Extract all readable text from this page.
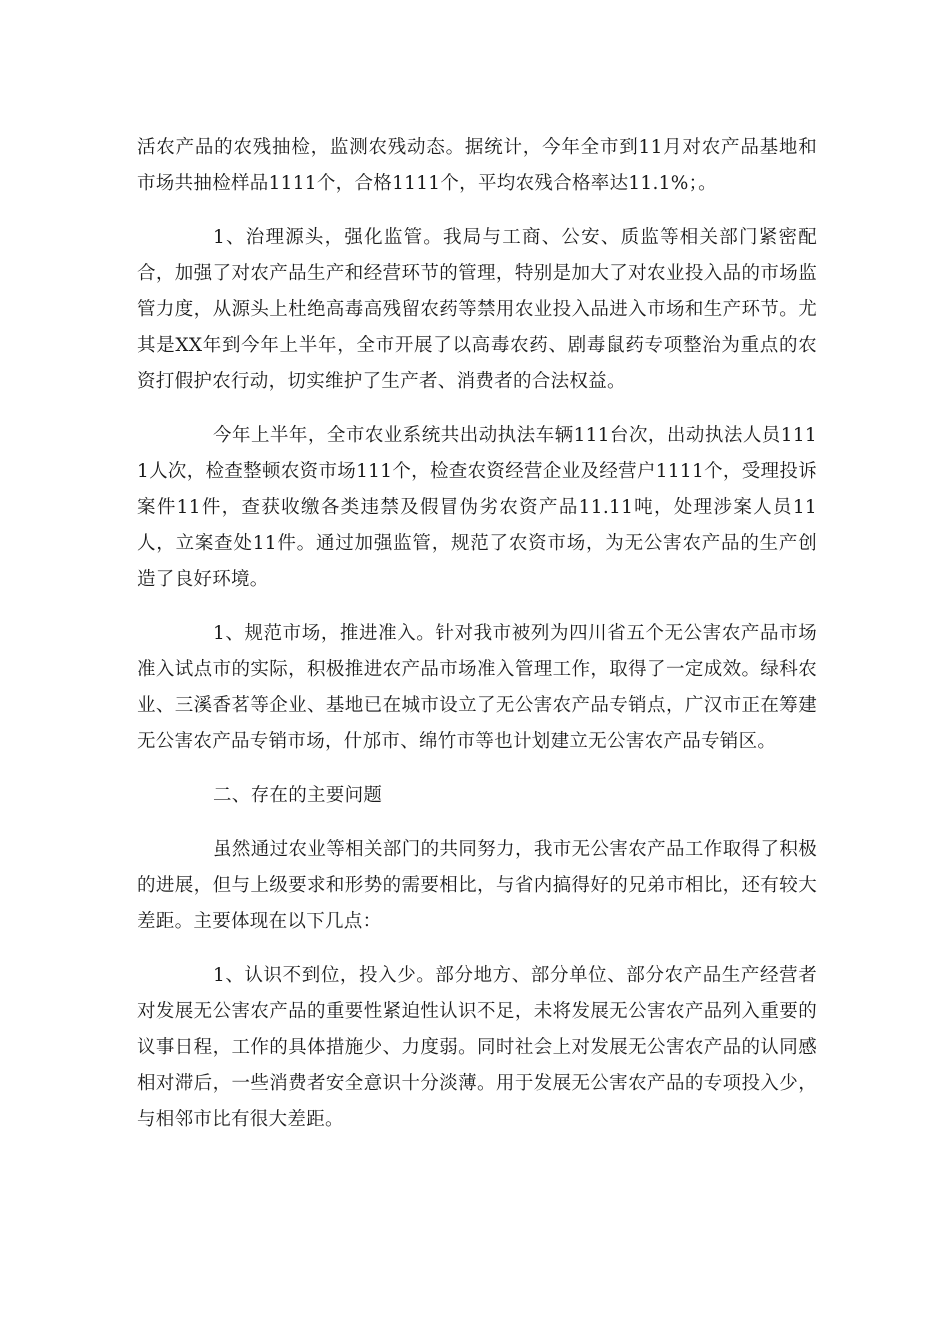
活农产品的农残抽检，监测农残动态。据统计，今年全市到11月对农产品基地和市场共抽检样品1111个，合格1111个，平均农残合格率达11.1%；。

1、治理源头，强化监管。我局与工商、公安、质监等相关部门紧密配合，加强了对农产品生产和经营环节的管理，特别是加大了对农业投入品的市场监管力度，从源头上杜绝高毒高残留农药等禁用农业投入品进入市场和生产环节。尤其是XX年到今年上半年，全市开展了以高毒农药、剧毒鼠药专项整治为重点的农资打假护农行动，切实维护了生产者、消费者的合法权益。

今年上半年，全市农业系统共出动执法车辆111台次，出动执法人员1111人次，检查整顿农资市场111个，检查农资经营企业及经营户1111个，受理投诉案件11件，查获收缴各类违禁及假冒伪劣农资产品11.11吨，处理涉案人员11人，立案查处11件。通过加强监管，规范了农资市场，为无公害农产品的生产创造了良好环境。

1、规范市场，推进准入。针对我市被列为四川省五个无公害农产品市场准入试点市的实际，积极推进农产品市场准入管理工作，取得了一定成效。绿科农业、三溪香茗等企业、基地已在城市设立了无公害农产品专销点，广汉市正在筹建无公害农产品专销市场，什邡市、绵竹市等也计划建立无公害农产品专销区。

二、存在的主要问题

虽然通过农业等相关部门的共同努力，我市无公害农产品工作取得了积极的进展，但与上级要求和形势的需要相比，与省内搞得好的兄弟市相比，还有较大差距。主要体现在以下几点：

1、认识不到位，投入少。部分地方、部分单位、部分农产品生产经营者对发展无公害农产品的重要性紧迫性认识不足，未将发展无公害农产品列入重要的议事日程，工作的具体措施少、力度弱。同时社会上对发展无公害农产品的认同感相对滞后，一些消费者安全意识十分淡薄。用于发展无公害农产品的专项投入少，与相邻市比有很大差距。
